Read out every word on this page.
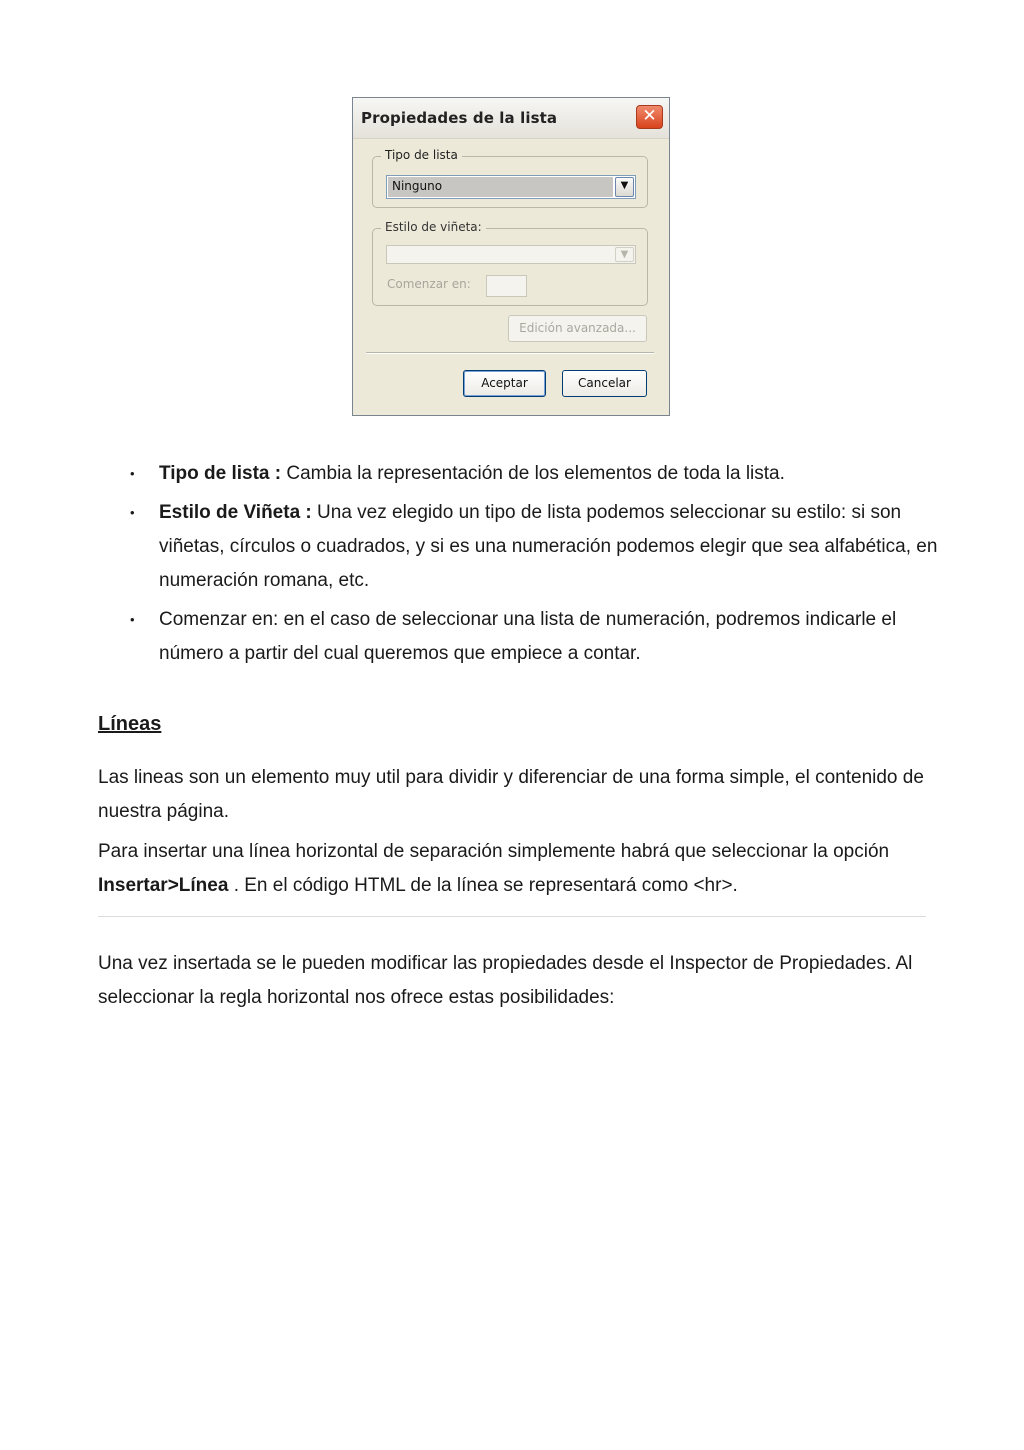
Propiedades de la lista	✕
Tipo de lista
Ninguno	▼
Estilo de viñeta:
▼
Comenzar en:
Edición avanzada...
Aceptar	Cancelar
• Tipo de lista : Cambia la representación de los elementos de toda la lista.
• Estilo de Viñeta : Una vez elegido un tipo de lista podemos seleccionar su estilo: si son viñetas, círculos o cuadrados, y si es una numeración podemos elegir que sea alfabética, en numeración romana, etc.
• Comenzar en: en el caso de seleccionar una lista de numeración, podremos indicarle el número a partir del cual queremos que empiece a contar.
Líneas

Las lineas son un elemento muy util para dividir y diferenciar de una forma simple, el contenido de nuestra página.

Para insertar una línea horizontal de separación simplemente habrá que seleccionar la opción Insertar>Línea . En el código HTML de la línea se representará como <hr>.

Una vez insertada se le pueden modificar las propiedades desde el Inspector de Propiedades. Al seleccionar la regla horizontal nos ofrece estas posibilidades:
